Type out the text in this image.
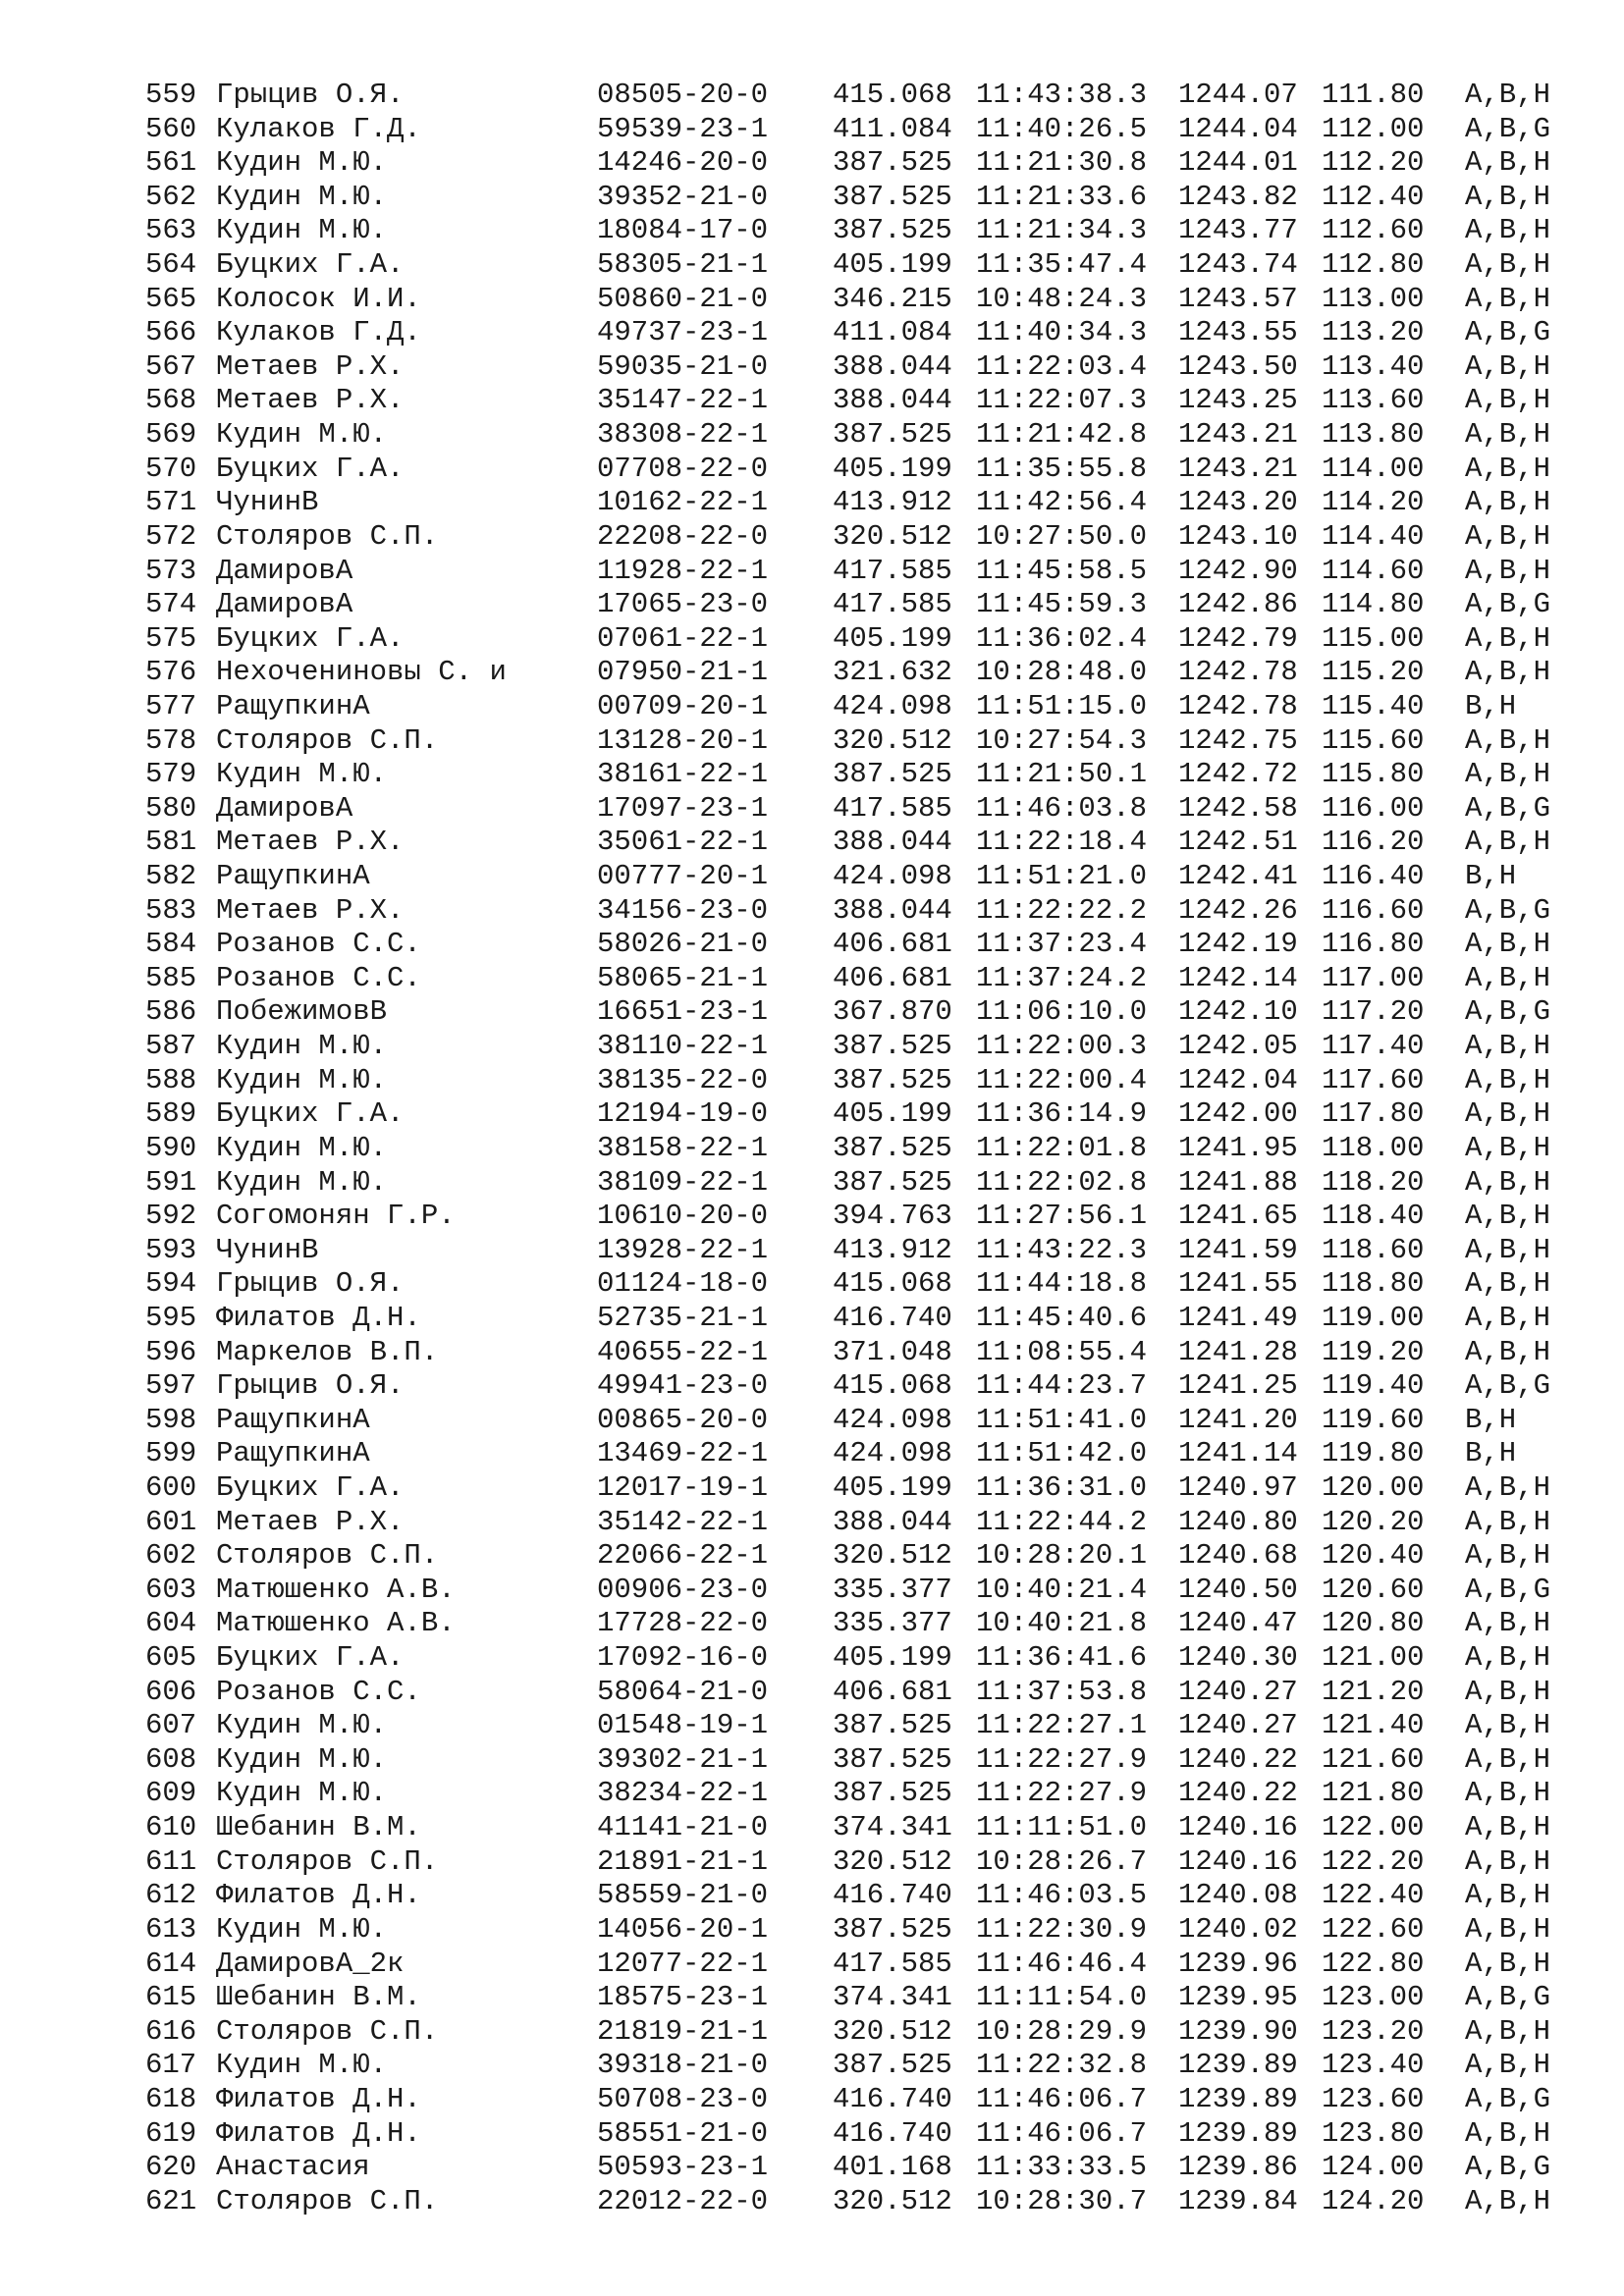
559 Грыцив О.Я.	08505-20-0 415.068 11:43:38.3 1244.07 111.80 A,B,H
560 Кулаков Г.Д.	59539-23-1 411.084 11:40:26.5 1244.04 112.00 A,B,G
561 Кудин М.Ю.	14246-20-0 387.525 11:21:30.8 1244.01 112.20 A,B,H
562 Кудин М.Ю.	39352-21-0 387.525 11:21:33.6 1243.82 112.40 A,B,H
563 Кудин М.Ю.	18084-17-0 387.525 11:21:34.3 1243.77 112.60 A,B,H
564 Буцких Г.А.	58305-21-1 405.199 11:35:47.4 1243.74 112.80 A,B,H
565 Колосок И.И.	50860-21-0 346.215 10:48:24.3 1243.57 113.00 A,B,H
566 Кулаков Г.Д.	49737-23-1 411.084 11:40:34.3 1243.55 113.20 A,B,G
567 Метаев Р.Х.	59035-21-0 388.044 11:22:03.4 1243.50 113.40 A,B,H
568 Метаев Р.Х.	35147-22-1 388.044 11:22:07.3 1243.25 113.60 A,B,H
569 Кудин М.Ю.	38308-22-1 387.525 11:21:42.8 1243.21 113.80 A,B,H
570 Буцких Г.А.	07708-22-0 405.199 11:35:55.8 1243.21 114.00 A,B,H
571 ЧунинВ	10162-22-1 413.912 11:42:56.4 1243.20 114.20 A,B,H
572 Столяров С.П.	22208-22-0 320.512 10:27:50.0 1243.10 114.40 A,B,H
573 ДамировА	11928-22-1 417.585 11:45:58.5 1242.90 114.60 A,B,H
574 ДамировА	17065-23-0 417.585 11:45:59.3 1242.86 114.80 A,B,G
575 Буцких Г.А.	07061-22-1 405.199 11:36:02.4 1242.79 115.00 A,B,H
576 Нехочениновы С. и	07950-21-1 321.632 10:28:48.0 1242.78 115.20 A,B,H
577 РащупкинА	00709-20-1 424.098 11:51:15.0 1242.78 115.40 B,H
578 Столяров С.П.	13128-20-1 320.512 10:27:54.3 1242.75 115.60 A,B,H
579 Кудин М.Ю.	38161-22-1 387.525 11:21:50.1 1242.72 115.80 A,B,H
580 ДамировА	17097-23-1 417.585 11:46:03.8 1242.58 116.00 A,B,G
581 Метаев Р.Х.	35061-22-1 388.044 11:22:18.4 1242.51 116.20 A,B,H
582 РащупкинА	00777-20-1 424.098 11:51:21.0 1242.41 116.40 B,H
583 Метаев Р.Х.	34156-23-0 388.044 11:22:22.2 1242.26 116.60 A,B,G
584 Розанов С.С.	58026-21-0 406.681 11:37:23.4 1242.19 116.80 A,B,H
585 Розанов С.С.	58065-21-1 406.681 11:37:24.2 1242.14 117.00 A,B,H
586 ПобежимовВ	16651-23-1 367.870 11:06:10.0 1242.10 117.20 A,B,G
587 Кудин М.Ю.	38110-22-1 387.525 11:22:00.3 1242.05 117.40 A,B,H
588 Кудин М.Ю.	38135-22-0 387.525 11:22:00.4 1242.04 117.60 A,B,H
589 Буцких Г.А.	12194-19-0 405.199 11:36:14.9 1242.00 117.80 A,B,H
590 Кудин М.Ю.	38158-22-1 387.525 11:22:01.8 1241.95 118.00 A,B,H
591 Кудин М.Ю.	38109-22-1 387.525 11:22:02.8 1241.88 118.20 A,B,H
592 Согомонян Г.Р.	10610-20-0 394.763 11:27:56.1 1241.65 118.40 A,B,H
593 ЧунинВ	13928-22-1 413.912 11:43:22.3 1241.59 118.60 A,B,H
594 Грыцив О.Я.	01124-18-0 415.068 11:44:18.8 1241.55 118.80 A,B,H
595 Филатов Д.Н.	52735-21-1 416.740 11:45:40.6 1241.49 119.00 A,B,H
596 Маркелов В.П.	40655-22-1 371.048 11:08:55.4 1241.28 119.20 A,B,H
597 Грыцив О.Я.	49941-23-0 415.068 11:44:23.7 1241.25 119.40 A,B,G
598 РащупкинА	00865-20-0 424.098 11:51:41.0 1241.20 119.60 B,H
599 РащупкинА	13469-22-1 424.098 11:51:42.0 1241.14 119.80 B,H
600 Буцких Г.А.	12017-19-1 405.199 11:36:31.0 1240.97 120.00 A,B,H
601 Метаев Р.Х.	35142-22-1 388.044 11:22:44.2 1240.80 120.20 A,B,H
602 Столяров С.П.	22066-22-1 320.512 10:28:20.1 1240.68 120.40 A,B,H
603 Матюшенко А.В.	00906-23-0 335.377 10:40:21.4 1240.50 120.60 A,B,G
604 Матюшенко А.В.	17728-22-0 335.377 10:40:21.8 1240.47 120.80 A,B,H
605 Буцких Г.А.	17092-16-0 405.199 11:36:41.6 1240.30 121.00 A,B,H
606 Розанов С.С.	58064-21-0 406.681 11:37:53.8 1240.27 121.20 A,B,H
607 Кудин М.Ю.	01548-19-1 387.525 11:22:27.1 1240.27 121.40 A,B,H
608 Кудин М.Ю.	39302-21-1 387.525 11:22:27.9 1240.22 121.60 A,B,H
609 Кудин М.Ю.	38234-22-1 387.525 11:22:27.9 1240.22 121.80 A,B,H
610 Шебанин В.М.	41141-21-0 374.341 11:11:51.0 1240.16 122.00 A,B,H
611 Столяров С.П.	21891-21-1 320.512 10:28:26.7 1240.16 122.20 A,B,H
612 Филатов Д.Н.	58559-21-0 416.740 11:46:03.5 1240.08 122.40 A,B,H
613 Кудин М.Ю.	14056-20-1 387.525 11:22:30.9 1240.02 122.60 A,B,H
614 ДамировА_2к	12077-22-1 417.585 11:46:46.4 1239.96 122.80 A,B,H
615 Шебанин В.М.	18575-23-1 374.341 11:11:54.0 1239.95 123.00 A,B,G
616 Столяров С.П.	21819-21-1 320.512 10:28:29.9 1239.90 123.20 A,B,H
617 Кудин М.Ю.	39318-21-0 387.525 11:22:32.8 1239.89 123.40 A,B,H
618 Филатов Д.Н.	50708-23-0 416.740 11:46:06.7 1239.89 123.60 A,B,G
619 Филатов Д.Н.	58551-21-0 416.740 11:46:06.7 1239.89 123.80 A,B,H
620 Анастасия	50593-23-1 401.168 11:33:33.5 1239.86 124.00 A,B,G
621 Столяров С.П.	22012-22-0 320.512 10:28:30.7 1239.84 124.20 A,B,H
